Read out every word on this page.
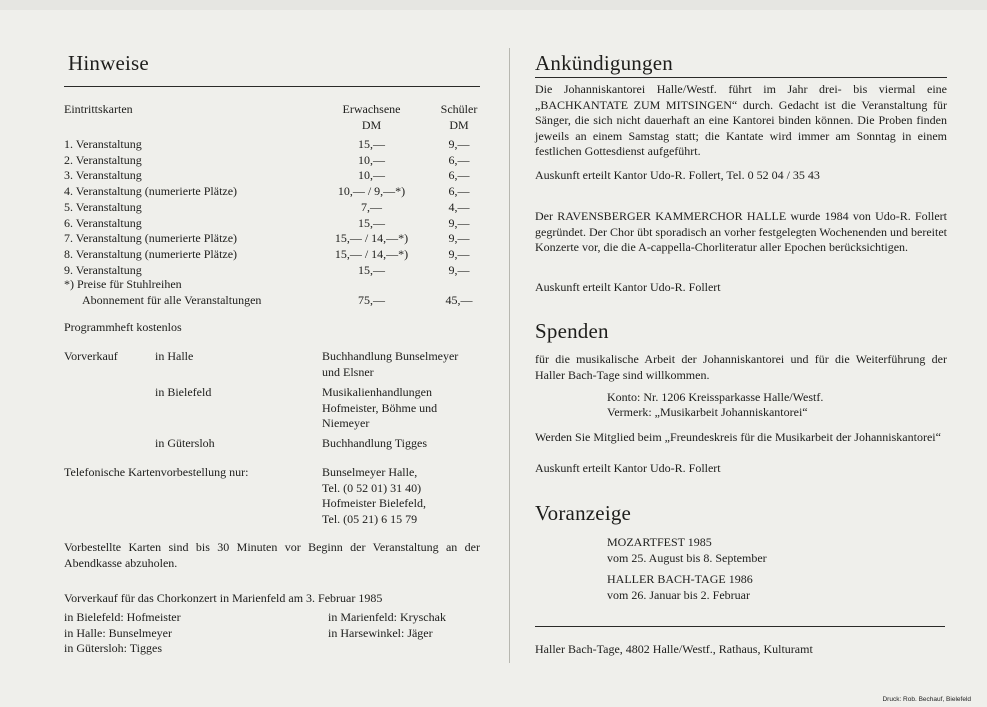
Hinweise
Eintrittskarten	Erwachsene	Schüler
DM	DM
1. Veranstaltung	15,—	9,—
2. Veranstaltung	10,—	6,—
3. Veranstaltung	10,—	6,—
4. Veranstaltung (numerierte Plätze)	10,— / 9,—*)	6,—
5. Veranstaltung	7,—	4,—
6. Veranstaltung	15,—	9,—
7. Veranstaltung (numerierte Plätze)	15,— / 14,—*)	9,—
8. Veranstaltung (numerierte Plätze)	15,— / 14,—*)	9,—
9. Veranstaltung	15,—	9,—
*) Preise für Stuhlreihen
Abonnement für alle Veranstaltungen	75,—	45,—
Programmheft kostenlos
Vorverkauf	in Halle	Buchhandlung Bunselmeyer
und Elsner
in Bielefeld	Musikalienhandlungen
Hofmeister, Böhme und
Niemeyer
in Gütersloh	Buchhandlung Tigges
Telefonische Kartenvorbestellung nur:	Bunselmeyer Halle,
Tel. (0 52 01) 31 40)
Hofmeister Bielefeld,
Tel. (05 21) 6 15 79
Vorbestellte Karten sind bis 30 Minuten vor Beginn der Veranstaltung an der Abendkasse abzuholen.
Vorverkauf für das Chorkonzert in Marienfeld am 3. Februar 1985
in Bielefeld: Hofmeister
in Halle: Bunselmeyer
in Gütersloh: Tigges
in Marienfeld: Kryschak
in Harsewinkel: Jäger
Ankündigungen
Die Johanniskantorei Halle/Westf. führt im Jahr drei- bis viermal eine „BACHKANTATE ZUM MITSINGEN“ durch. Gedacht ist die Veranstaltung für Sänger, die sich nicht dauerhaft an eine Kantorei binden können. Die Proben finden jeweils an einem Samstag statt; die Kantate wird immer am Sonntag in einem festlichen Gottesdienst aufgeführt.
Auskunft erteilt Kantor Udo-R. Follert, Tel. 0 52 04 / 35 43
Der RAVENSBERGER KAMMERCHOR HALLE wurde 1984 von Udo-R. Follert gegründet. Der Chor übt sporadisch an vorher festgelegten Wochenenden und bereitet Konzerte vor, die die A-cappella-Chorliteratur aller Epochen berücksichtigen.
Auskunft erteilt Kantor Udo-R. Follert
Spenden
für die musikalische Arbeit der Johanniskantorei und für die Weiterführung der Haller Bach-Tage sind willkommen.
Konto: Nr. 1206 Kreissparkasse Halle/Westf.
Vermerk: „Musikarbeit Johanniskantorei“
Werden Sie Mitglied beim „Freundeskreis für die Musikarbeit der Johanniskantorei“
Auskunft erteilt Kantor Udo-R. Follert
Voranzeige
MOZARTFEST 1985
vom 25. August bis 8. September
HALLER BACH-TAGE 1986
vom 26. Januar bis 2. Februar
Haller Bach-Tage, 4802 Halle/Westf., Rathaus, Kulturamt
Druck: Rob. Bechauf, Bielefeld
